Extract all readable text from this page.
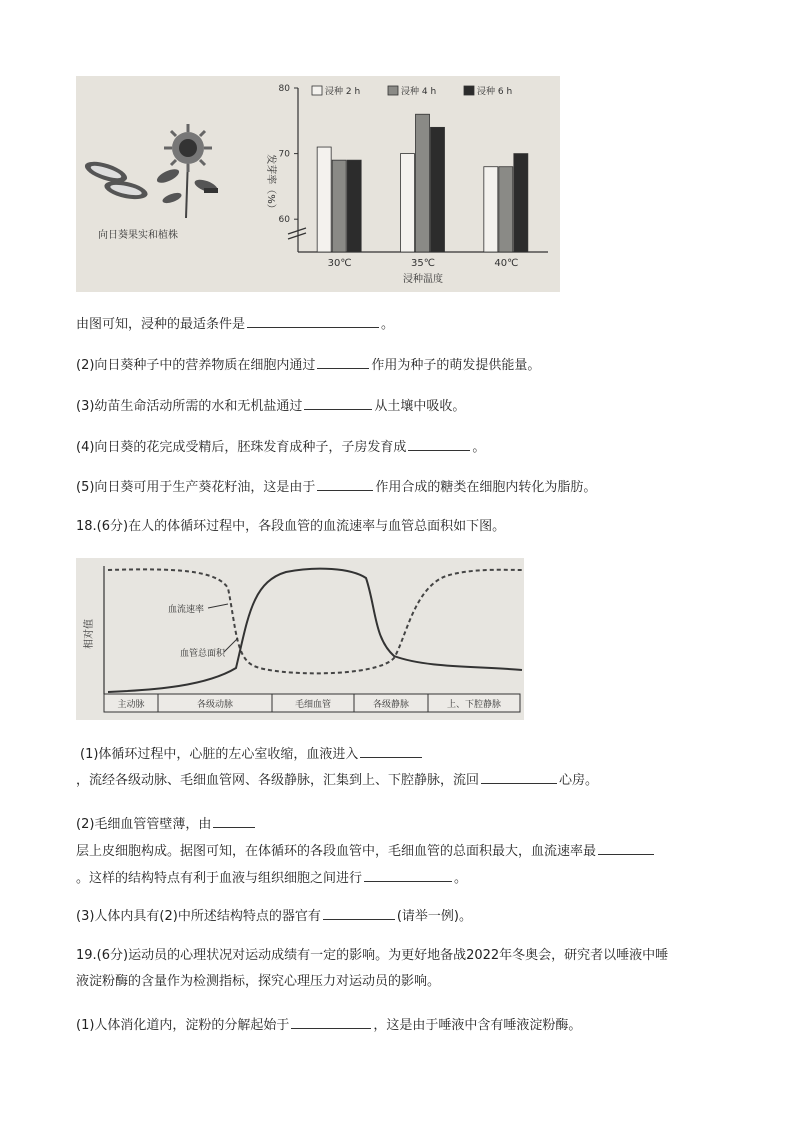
向日葵果实和植株
发芽率（%）
浸种温度
60
70
80
30℃	35℃	40℃
浸种 2 h	浸种 4 h	浸种 6 h
由图可知，浸种的最适条件是	。
(2)向日葵种子中的营养物质在细胞内通过	作用为种子的萌发提供能量。
(3)幼苗生命活动所需的水和无机盐通过	从土壤中吸收。
(4)向日葵的花完成受精后，胚珠发育成种子，子房发育成	。
(5)向日葵可用于生产葵花籽油，这是由于	作用合成的糖类在细胞内转化为脂肪。
18.(6分)在人的体循环过程中，各段血管的血流速率与血管总面积如下图。
相对值
血流速率
血管总面积
主动脉	各级动脉	毛细血管	各级静脉	上、下腔静脉
(1)体循环过程中，心脏的左心室收缩，血液进入
，流经各级动脉、毛细血管网、各级静脉，汇集到上、下腔静脉，流回	心房。
(2)毛细血管管壁薄，由
层上皮细胞构成。据图可知，在体循环的各段血管中，毛细血管的总面积最大，血流速率最
。这样的结构特点有利于血液与组织细胞之间进行	。
(3)人体内具有(2)中所述结构特点的器官有	(请举一例)。
19.(6分)运动员的心理状况对运动成绩有一定的影响。为更好地备战2022年冬奥会，研究者以唾液中唾
液淀粉酶的含量作为检测指标，探究心理压力对运动员的影响。
(1)人体消化道内，淀粉的分解起始于	，这是由于唾液中含有唾液淀粉酶。
